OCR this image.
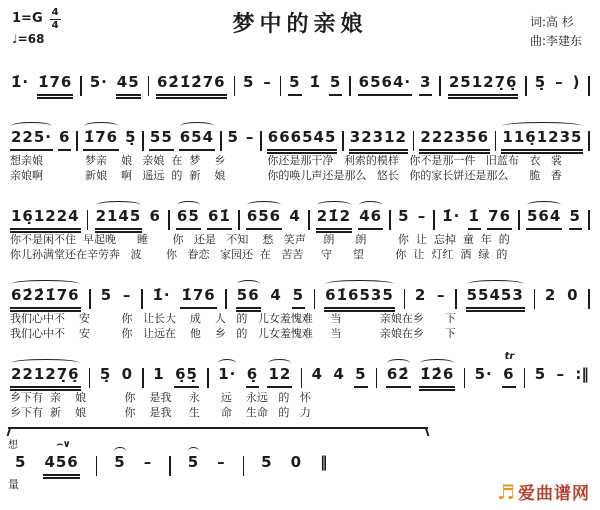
$1=G \frac{4}{4}$
♩=68
梦中的亲娘	词:高 杉
曲:李建东
1̇· 1̇76 5· 45 62̇1̇2̇76 5 – 5 1̇ 5 6564· 3 25127̣6̣ 5̣ – )
225· 6 1̇76 5̣ 55 654 5 – 666545 32312 222356 116̣1235
想亲娘            梦亲    娘   亲娘  在  梦    乡            你还是那干净   利索的模样   你不是那一件   旧蓝布   衣   裳
亲娘啊            新娘    啊   遥远  的  新    娘            你的唤儿声还是那么   悠长   你的家长饼还是那么      脆   香
16̣1224 2145 6 65 61̇ 656 4 21̇2 46 5 – 1̇· 1̇ 76 564 5
你不是闲不住  早起晚      睡       你   还是   不知    愁   笑声     朗      朗         你  让  忘掉  童  年  的
你儿孙满堂还在辛劳奔   波       你   眷恋   家园还  在   苦苦     守      望         你  让  灯红  酒  绿  的
62̇2̇1̇76 5 – 1̇· 1̇76 56 4 5 61̇6535 2 – 55453 2 0
我们心中不    安         你   让长大    成    人   的   儿女羞愧难     当           亲娘在乡      下
我们心中不    安         你   让远在    他    乡   的   儿女羞愧难     当           亲娘在乡      下
22127̣6̣ 5̣ 0 1 6̣5̣ 1· 6̣ 12 4 4 5 62̇ 1̇2̇6 5· 6
tr
5 – :‖
乡下有  亲    娘           你    是我     永      远    永远   的   怀
乡下有  新    娘           你    是我     生      命    生命   的   力
想
量
5 456
⌢∨
5 – 5 – 5 0 ‖
♬ 爱曲谱网
